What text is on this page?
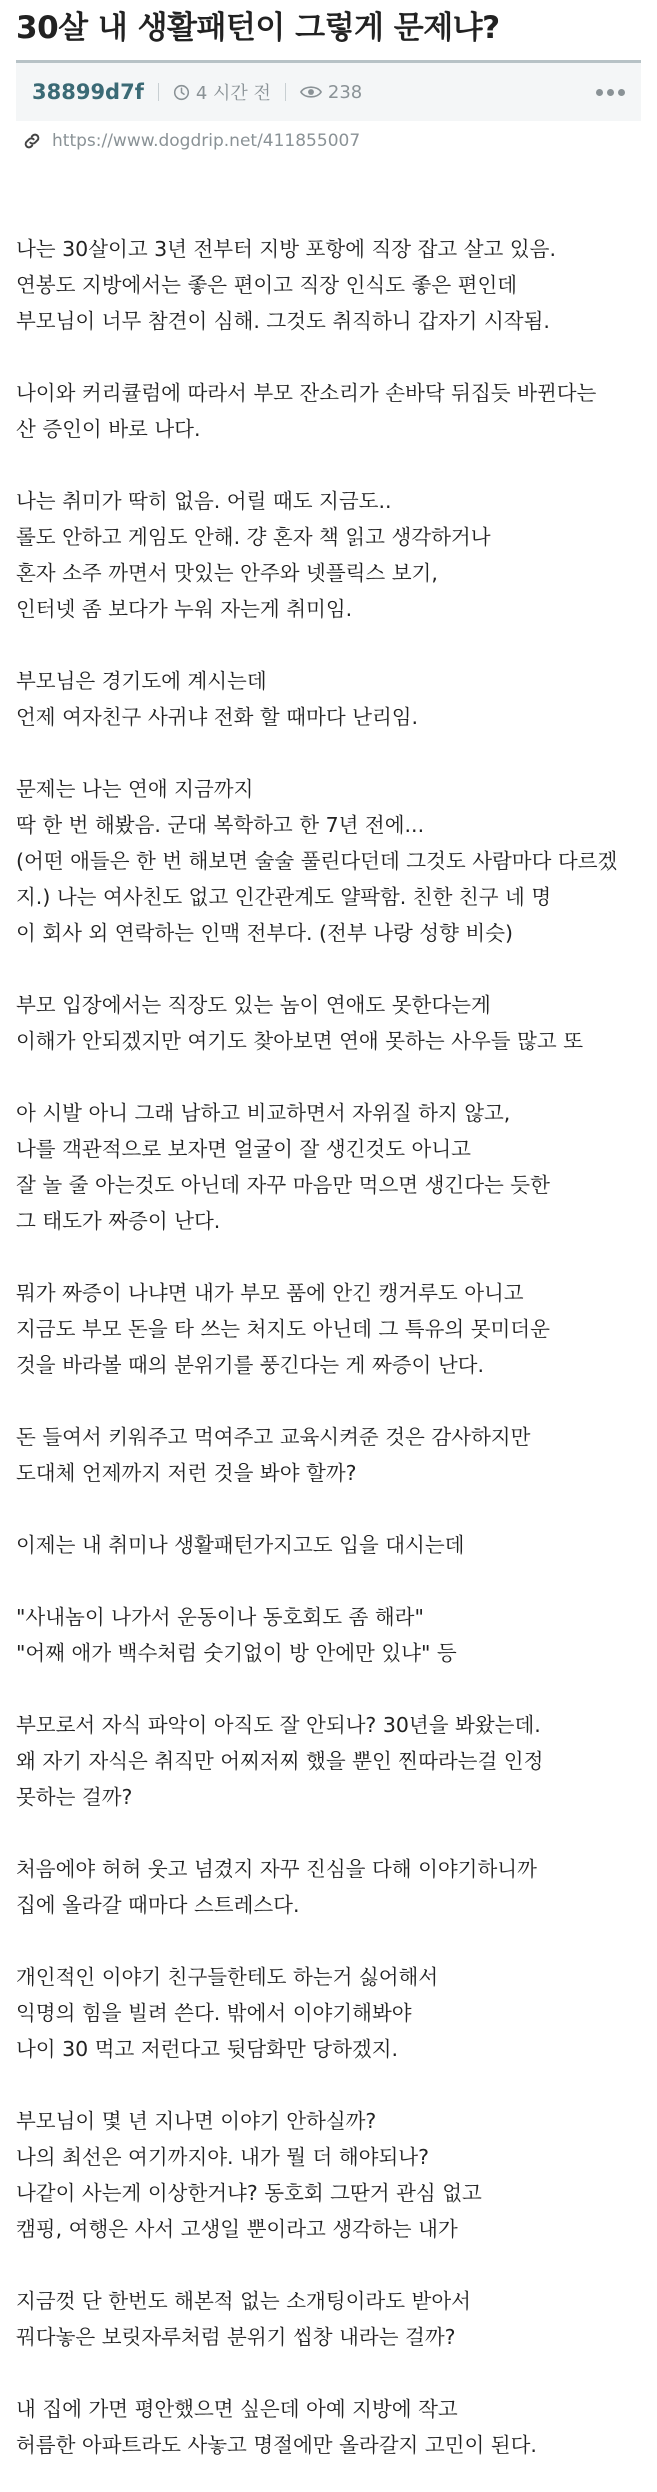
30살 내 생활패턴이 그렇게 문제냐?
38899d7f	4 시간 전	238
https://www.dogdrip.net/411855007

나는 30살이고 3년 전부터 지방 포항에 직장 잡고 살고 있음.
연봉도 지방에서는 좋은 편이고 직장 인식도 좋은 편인데
부모님이 너무 참견이 심해. 그것도 취직하니 갑자기 시작됨.

나이와 커리큘럼에 따라서 부모 잔소리가 손바닥 뒤집듯 바뀐다는
산 증인이 바로 나다.

나는 취미가 딱히 없음. 어릴 때도 지금도..
롤도 안하고 게임도 안해. 걍 혼자 책 읽고 생각하거나
혼자 소주 까면서 맛있는 안주와 넷플릭스 보기,
인터넷 좀 보다가 누워 자는게 취미임.

부모님은 경기도에 계시는데
언제 여자친구 사귀냐 전화 할 때마다 난리임.

문제는 나는 연애 지금까지
딱 한 번 해봤음. 군대 복학하고 한 7년 전에...
(어떤 애들은 한 번 해보면 술술 풀린다던데 그것도 사람마다 다르겠
지.) 나는 여사친도 없고 인간관계도 얄팍함. 친한 친구 네 명
이 회사 외 연락하는 인맥 전부다. (전부 나랑 성향 비슷)

부모 입장에서는 직장도 있는 놈이 연애도 못한다는게
이해가 안되겠지만 여기도 찾아보면 연애 못하는 사우들 많고 또

아 시발 아니 그래 남하고 비교하면서 자위질 하지 않고,
나를 객관적으로 보자면 얼굴이 잘 생긴것도 아니고
잘 놀 줄 아는것도 아닌데 자꾸 마음만 먹으면 생긴다는 듯한
그 태도가 짜증이 난다.

뭐가 짜증이 나냐면 내가 부모 품에 안긴 캥거루도 아니고
지금도 부모 돈을 타 쓰는 처지도 아닌데 그 특유의 못미더운
것을 바라볼 때의 분위기를 풍긴다는 게 짜증이 난다.

돈 들여서 키워주고 먹여주고 교육시켜준 것은 감사하지만
도대체 언제까지 저런 것을 봐야 할까?

이제는 내 취미나 생활패턴가지고도 입을 대시는데

"사내놈이 나가서 운동이나 동호회도 좀 해라"
"어째 애가 백수처럼 숫기없이 방 안에만 있냐" 등

부모로서 자식 파악이 아직도 잘 안되나? 30년을 봐왔는데.
왜 자기 자식은 취직만 어찌저찌 했을 뿐인 찐따라는걸 인정
못하는 걸까?

처음에야 허허 웃고 넘겼지 자꾸 진심을 다해 이야기하니까
집에 올라갈 때마다 스트레스다.

개인적인 이야기 친구들한테도 하는거 싫어해서
익명의 힘을 빌려 쓴다. 밖에서 이야기해봐야
나이 30 먹고 저런다고 뒷담화만 당하겠지.

부모님이 몇 년 지나면 이야기 안하실까?
나의 최선은 여기까지야. 내가 뭘 더 해야되나?
나같이 사는게 이상한거냐? 동호회 그딴거 관심 없고
캠핑, 여행은 사서 고생일 뿐이라고 생각하는 내가

지금껏 단 한번도 해본적 없는 소개팅이라도 받아서
꿔다놓은 보릿자루처럼 분위기 씹창 내라는 걸까?

내 집에 가면 평안했으면 싶은데 아예 지방에 작고
허름한 아파트라도 사놓고 명절에만 올라갈지 고민이 된다.
